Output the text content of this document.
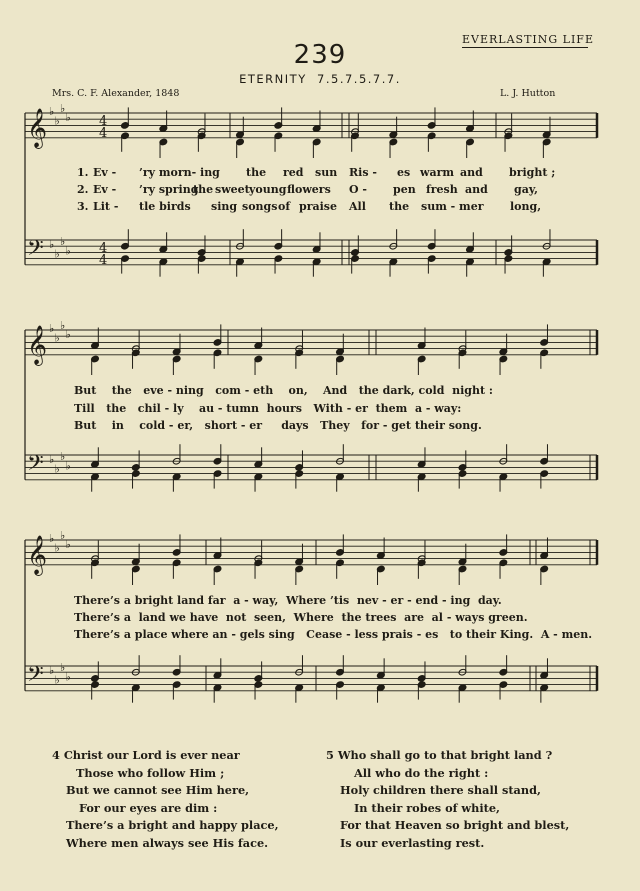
EVERLASTING LIFE
239
ETERNITY 7.5.7.5.7.7.
Mrs. C. F. Alexander, 1848	L. J. Hutton
𝄞
𝄢
♭
♭
♭
♭
♭
♭
♭
♭
4
4
4
4
𝄞
𝄢
♭
♭
♭
♭
♭
♭
♭
♭
𝄞
𝄢
♭
♭
♭
♭
♭
♭
♭
♭
1. Ev - ’ry morn- ing the red sun Ris - es warm and bright ;
2. Ev - ’ry spring
the sweet young flowers O - pen fresh and gay,
3. Lit - tle birds sing songs of praise All the sum - mer long,
But    the   eve - ning   com - eth    on,    And   the dark, cold  night :
Till   the   chil - ly    au - tumn  hours   With - er  them  a - way:
But    in    cold - er,   short - er     days   They   for - get their song.
There’s a bright land far  a - way,  Where ’tis  nev - er - end - ing  day.
There’s a  land we have  not  seen,  Where  the trees  are  al - ways green.
There’s a place where an - gels sing   Cease - less prais - es   to their King.  A - men.
4 Christ our Lord is ever near
Those who follow Him ;
But we cannot see Him here,
For our eyes are dim :
There’s a bright and happy place,
Where men always see His face.
5 Who shall go to that bright land ?
All who do the right :
Holy children there shall stand,
In their robes of white,
For that Heaven so bright and blest,
Is our everlasting rest.
